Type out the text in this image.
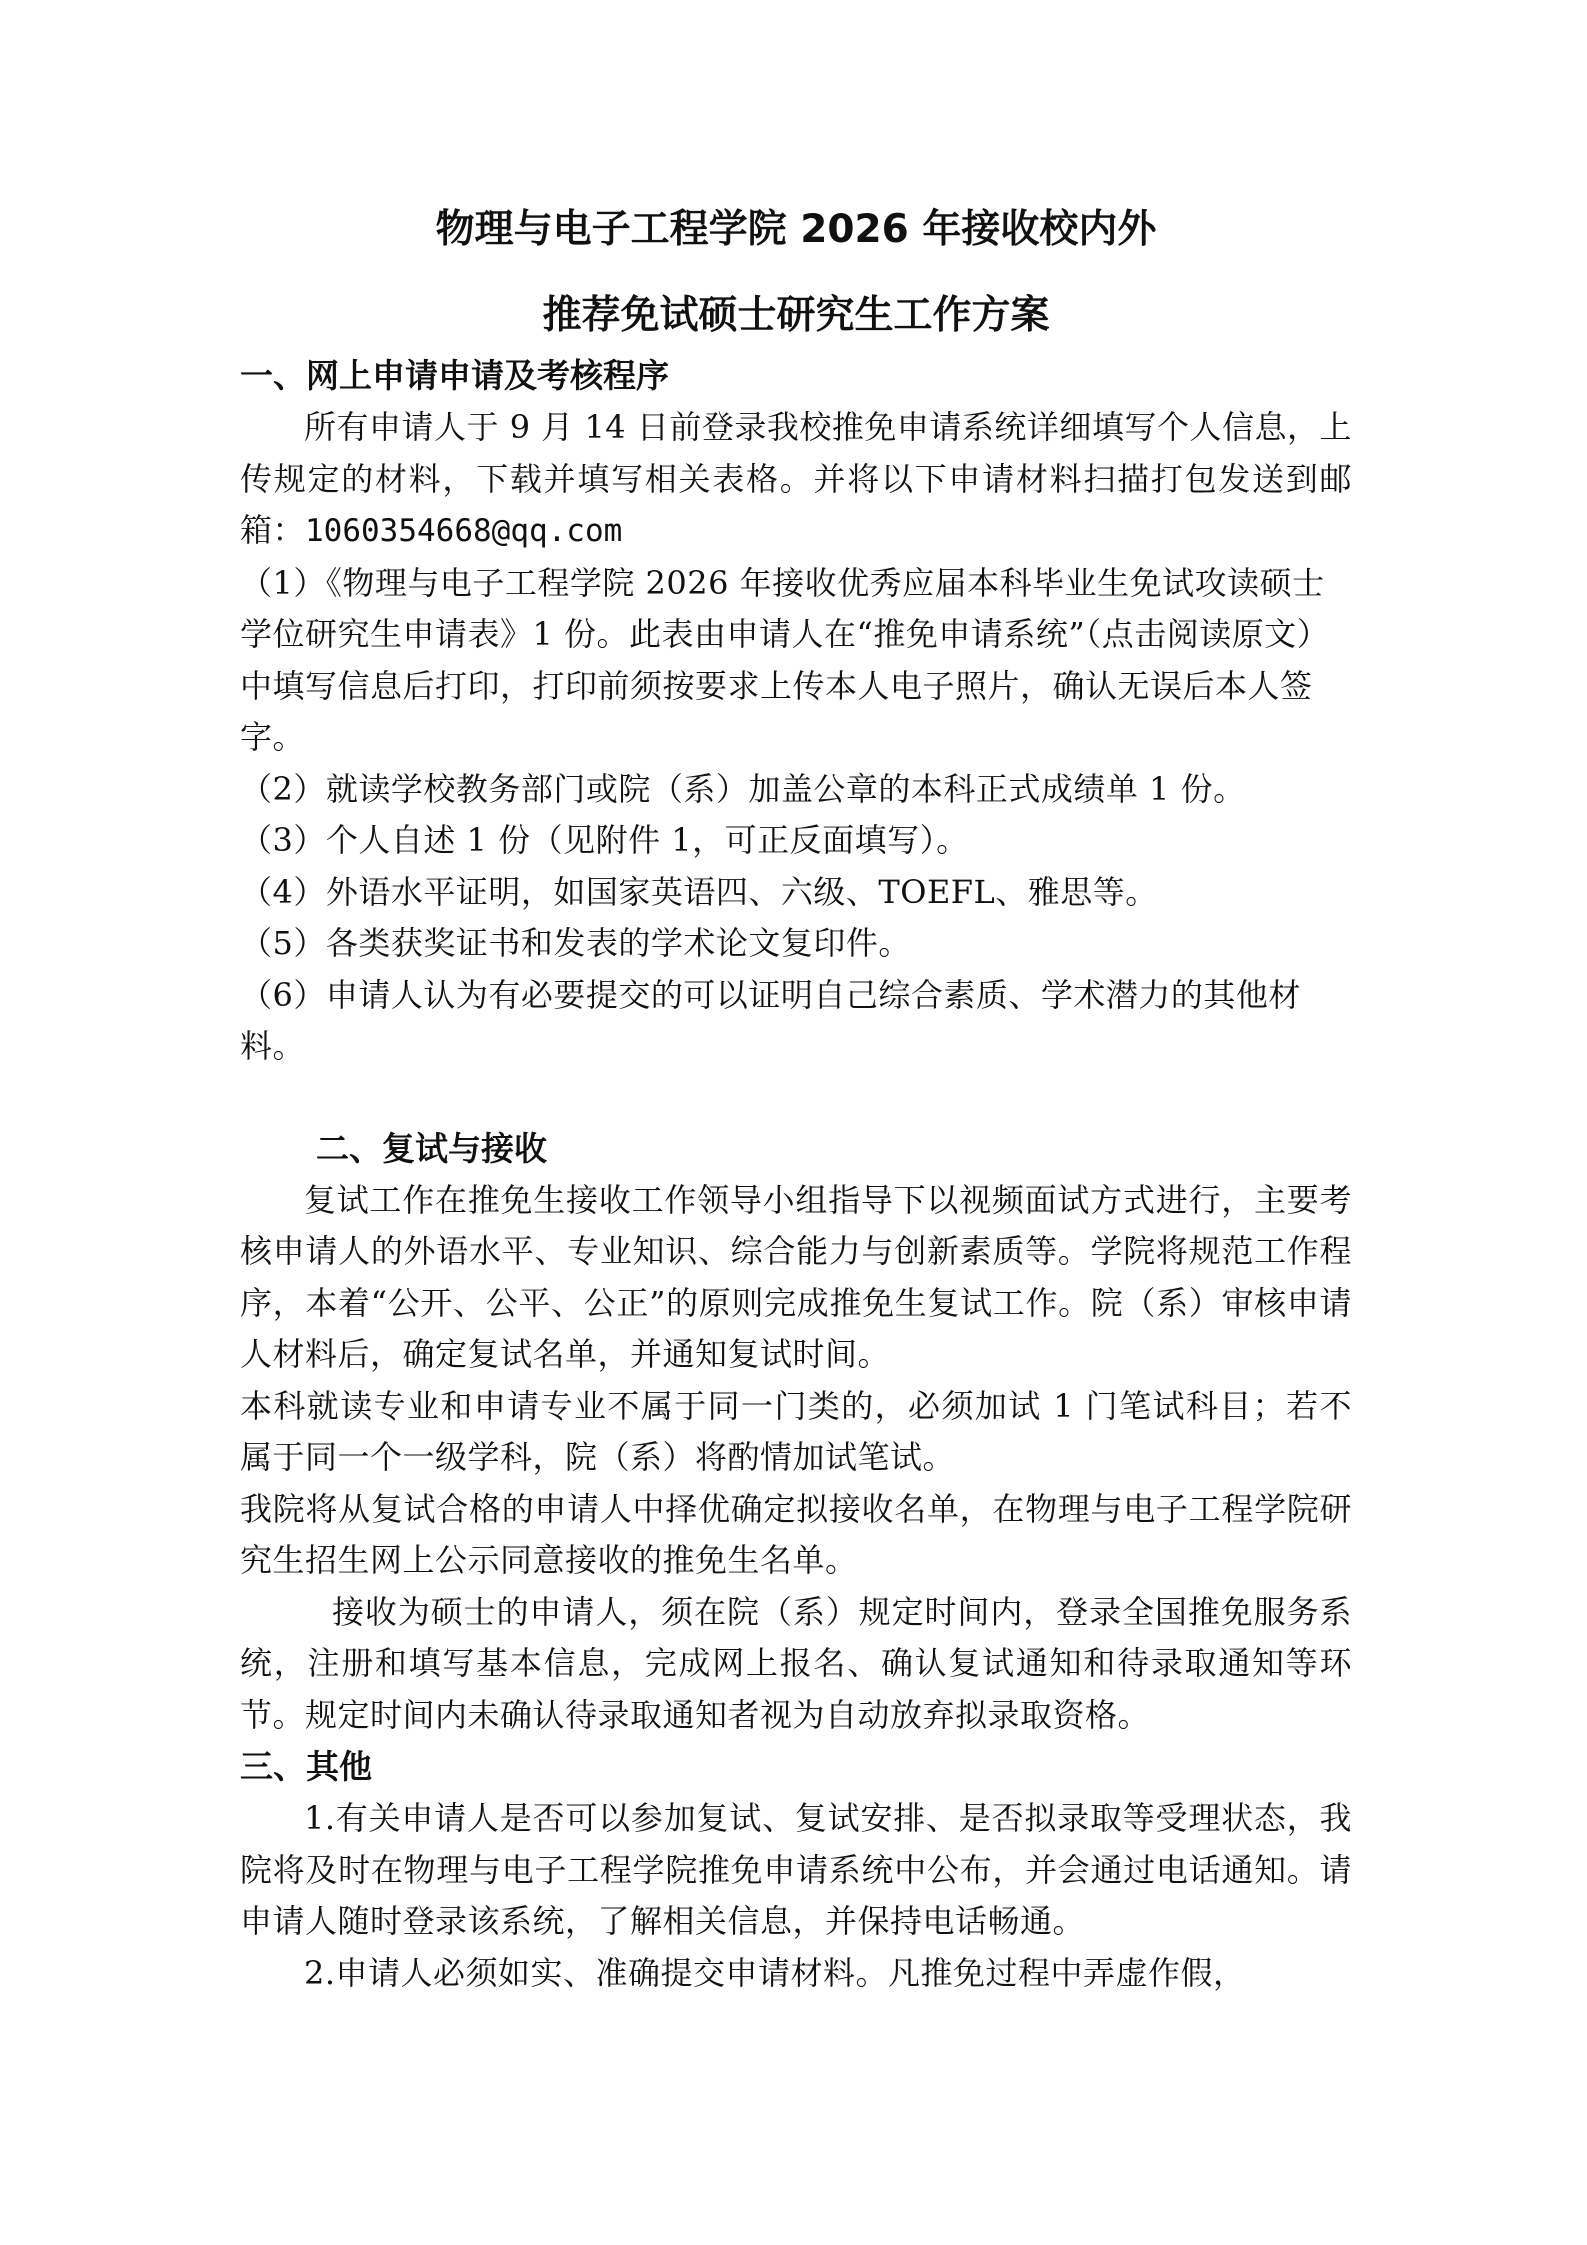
物理与电子工程学院 2026 年接收校内外
推荐免试硕士研究生工作方案
一、网上申请申请及考核程序

所有申请人于 9 月 14 日前登录我校推免申请系统详细填写个人信息，上传规定的材料，下载并填写相关表格。并将以下申请材料扫描打包发送到邮箱：1060354668@qq.com

（1）《物理与电子工程学院 2026 年接收优秀应届本科毕业生免试攻读硕士学位研究生申请表》1 份。此表由申请人在“推免申请系统”（点击阅读原文）中填写信息后打印，打印前须按要求上传本人电子照片，确认无误后本人签字。

（2）就读学校教务部门或院（系）加盖公章的本科正式成绩单 1 份。

（3）个人自述 1 份（见附件 1，可正反面填写）。

（4）外语水平证明，如国家英语四、六级、TOEFL、雅思等。

（5）各类获奖证书和发表的学术论文复印件。

（6）申请人认为有必要提交的可以证明自己综合素质、学术潜力的其他材料。

二、复试与接收

复试工作在推免生接收工作领导小组指导下以视频面试方式进行，主要考核申请人的外语水平、专业知识、综合能力与创新素质等。学院将规范工作程序，本着“公开、公平、公正”的原则完成推免生复试工作。院（系）审核申请人材料后，确定复试名单，并通知复试时间。

本科就读专业和申请专业不属于同一门类的，必须加试 1 门笔试科目；若不属于同一个一级学科，院（系）将酌情加试笔试。

我院将从复试合格的申请人中择优确定拟接收名单，在物理与电子工程学院研究生招生网上公示同意接收的推免生名单。

接收为硕士的申请人，须在院（系）规定时间内，登录全国推免服务系统，注册和填写基本信息，完成网上报名、确认复试通知和待录取通知等环节。规定时间内未确认待录取通知者视为自动放弃拟录取资格。

三、其他

1.有关申请人是否可以参加复试、复试安排、是否拟录取等受理状态，我院将及时在物理与电子工程学院推免申请系统中公布，并会通过电话通知。请申请人随时登录该系统，了解相关信息，并保持电话畅通。

2.申请人必须如实、准确提交申请材料。凡推免过程中弄虚作假，
